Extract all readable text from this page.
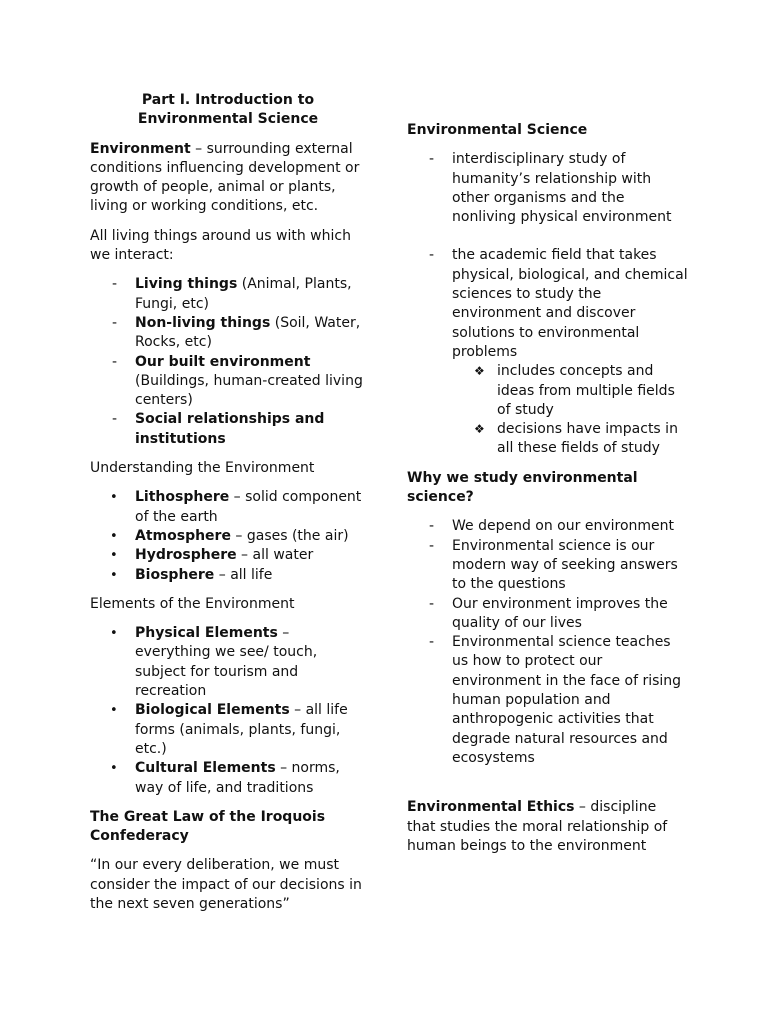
Part I. Introduction to Environmental Science

Environment – surrounding external conditions influencing development or growth of people, animal or plants, living or working conditions, etc.

All living things around us with which we interact:

- Living things (Animal, Plants, Fungi, etc)
- Non-living things (Soil, Water, Rocks, etc)
- Our built environment (Buildings, human-created living centers)
- Social relationships and institutions

Understanding the Environment

• Lithosphere – solid component of the earth
• Atmosphere – gases (the air)
• Hydrosphere – all water
• Biosphere – all life

Elements of the Environment

• Physical Elements – everything we see/ touch, subject for tourism and recreation
• Biological Elements – all life forms (animals, plants, fungi, etc.)
• Cultural Elements – norms, way of life, and traditions

The Great Law of the Iroquois Confederacy

“In our every deliberation, we must consider the impact of our decisions in the next seven generations”

Environmental Science

- interdisciplinary study of humanity’s relationship with other organisms and the nonliving physical environment
- the academic field that takes physical, biological, and chemical sciences to study the environment and discover solutions to environmental problems
❖ includes concepts and ideas from multiple fields of study
❖ decisions have impacts in all these fields of study

Why we study environmental science?

- We depend on our environment
- Environmental science is our modern way of seeking answers to the questions
- Our environment improves the quality of our lives
- Environmental science teaches us how to protect our environment in the face of rising human population and anthropogenic activities that degrade natural resources and ecosystems

Environmental Ethics – discipline that studies the moral relationship of human beings to the environment
